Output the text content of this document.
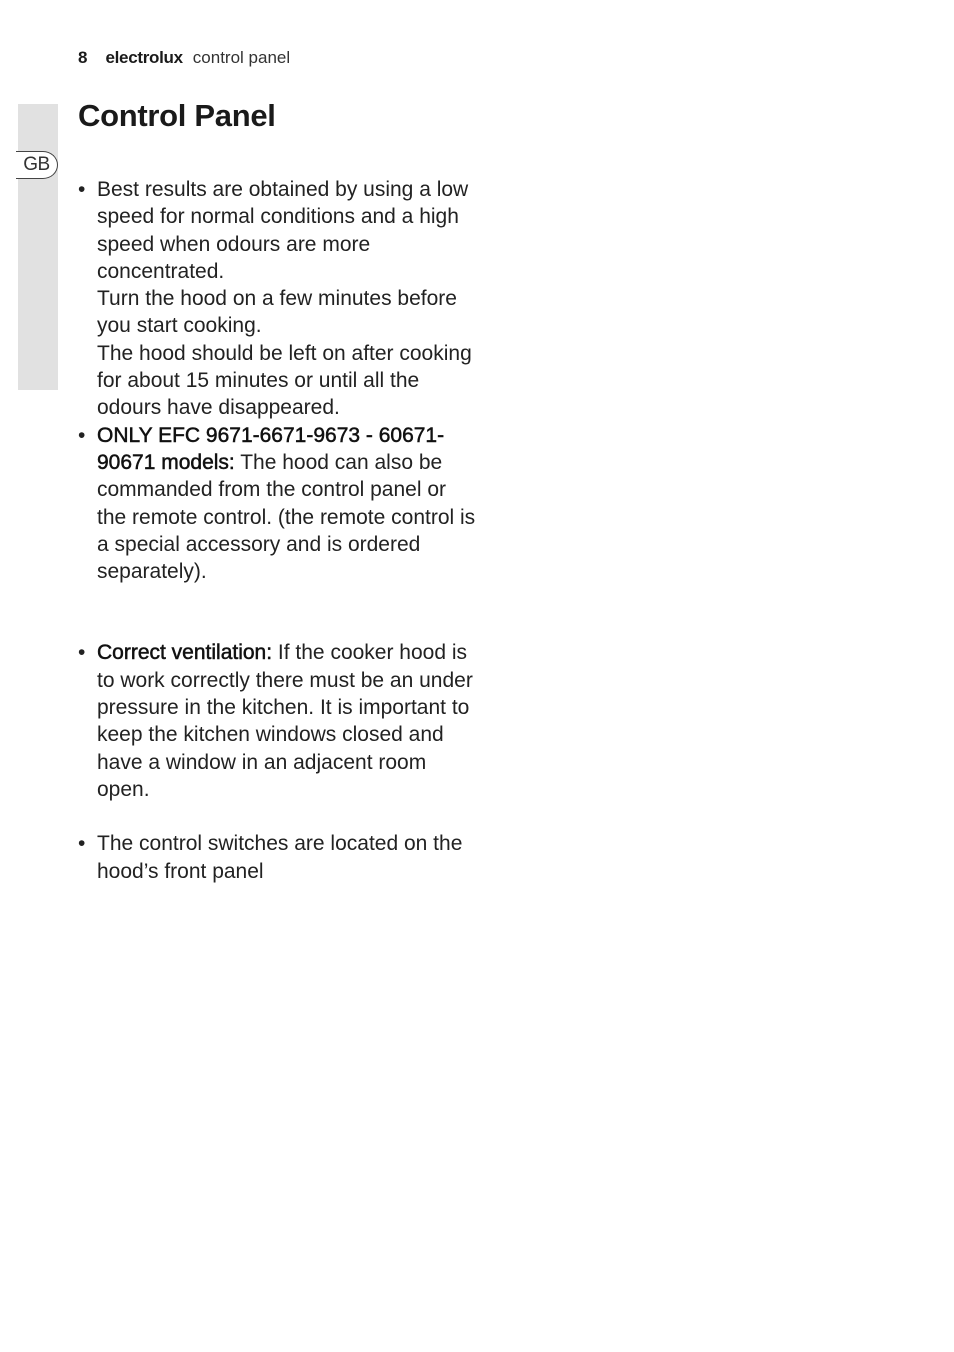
GB
8 electrolux control panel
Control Panel
• Best results are obtained by using a low speed for normal conditions and a high speed when odours are more concentrated.
Turn the hood on a few minutes before you start cooking.
The hood should be left on after cooking for about 15 minutes or until all the odours have disappeared.
• ONLY EFC 9671-6671-9673 - 60671-90671 models: The hood can also be commanded from the control panel or the remote control. (the remote control is a special accessory and is ordered separately).
• Correct ventilation: If the cooker hood is to work correctly there must be an under pressure in the kitchen. It is important to keep the kitchen windows closed and have a window in an adjacent room open.
• The control switches are located on the hood’s front panel
